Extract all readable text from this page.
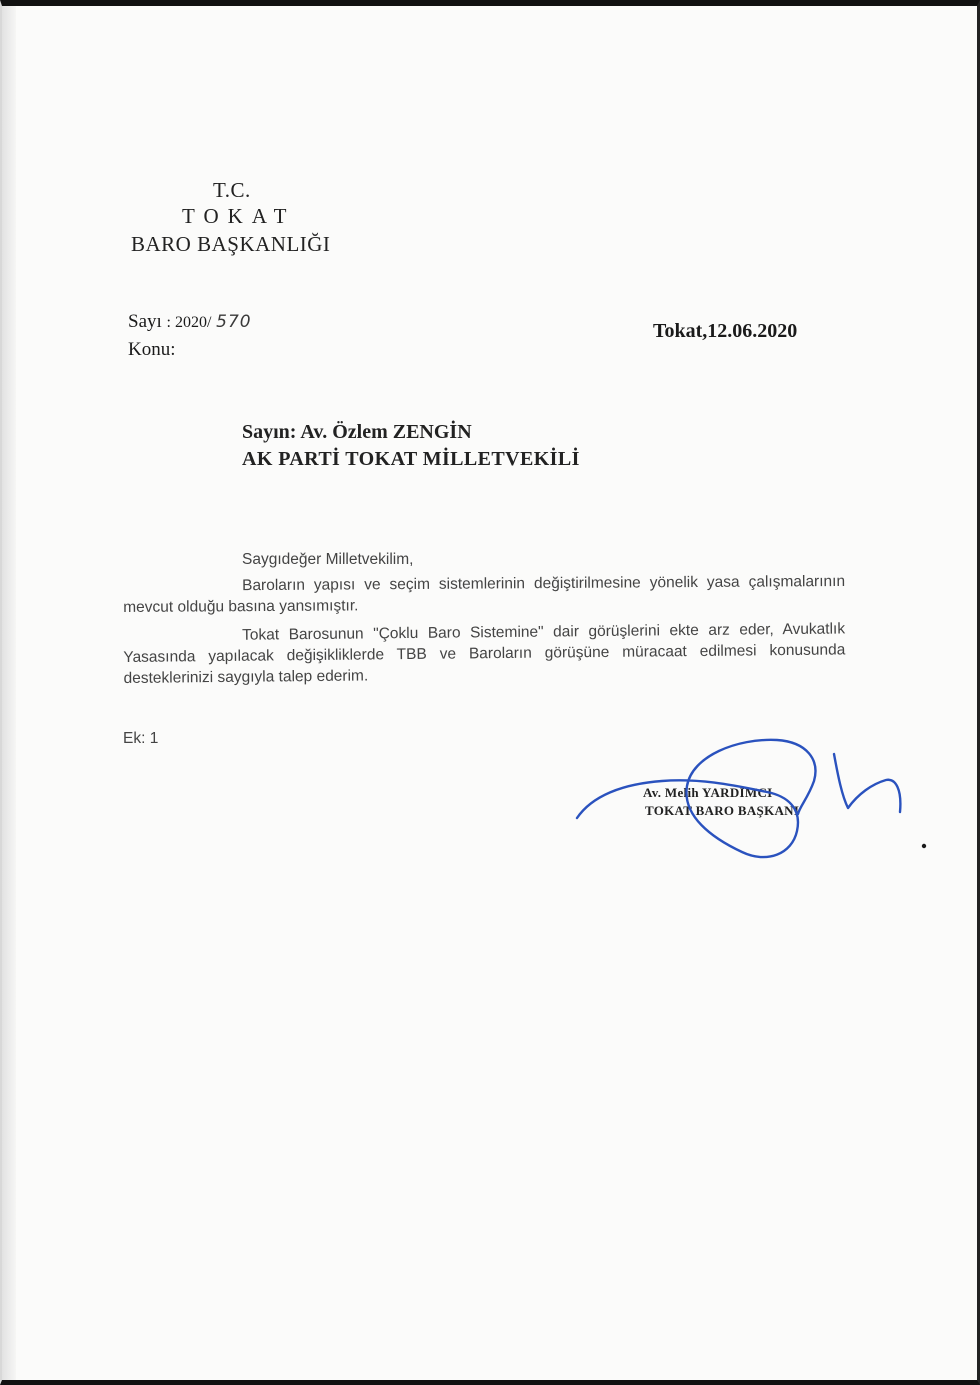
T.C.
TOKAT
BARO BAŞKANLIĞI
Sayı : 2020/ 570
Konu:
Tokat,12.06.2020
Sayın: Av. Özlem ZENGİN
AK PARTİ TOKAT MİLLETVEKİLİ
Saygıdeğer Milletvekilim,
Baroların yapısı ve seçim sistemlerinin değiştirilmesine yönelik yasa çalışmalarının mevcut olduğu basına yansımıştır.
Tokat Barosunun "Çoklu Baro Sistemine" dair görüşlerini ekte arz eder, Avukatlık Yasasında yapılacak değişikliklerde TBB ve Baroların görüşüne müracaat edilmesi konusunda desteklerinizi saygıyla talep ederim.
Ek: 1
Av. Melih YARDIMCI
TOKAT BARO BAŞKANI
